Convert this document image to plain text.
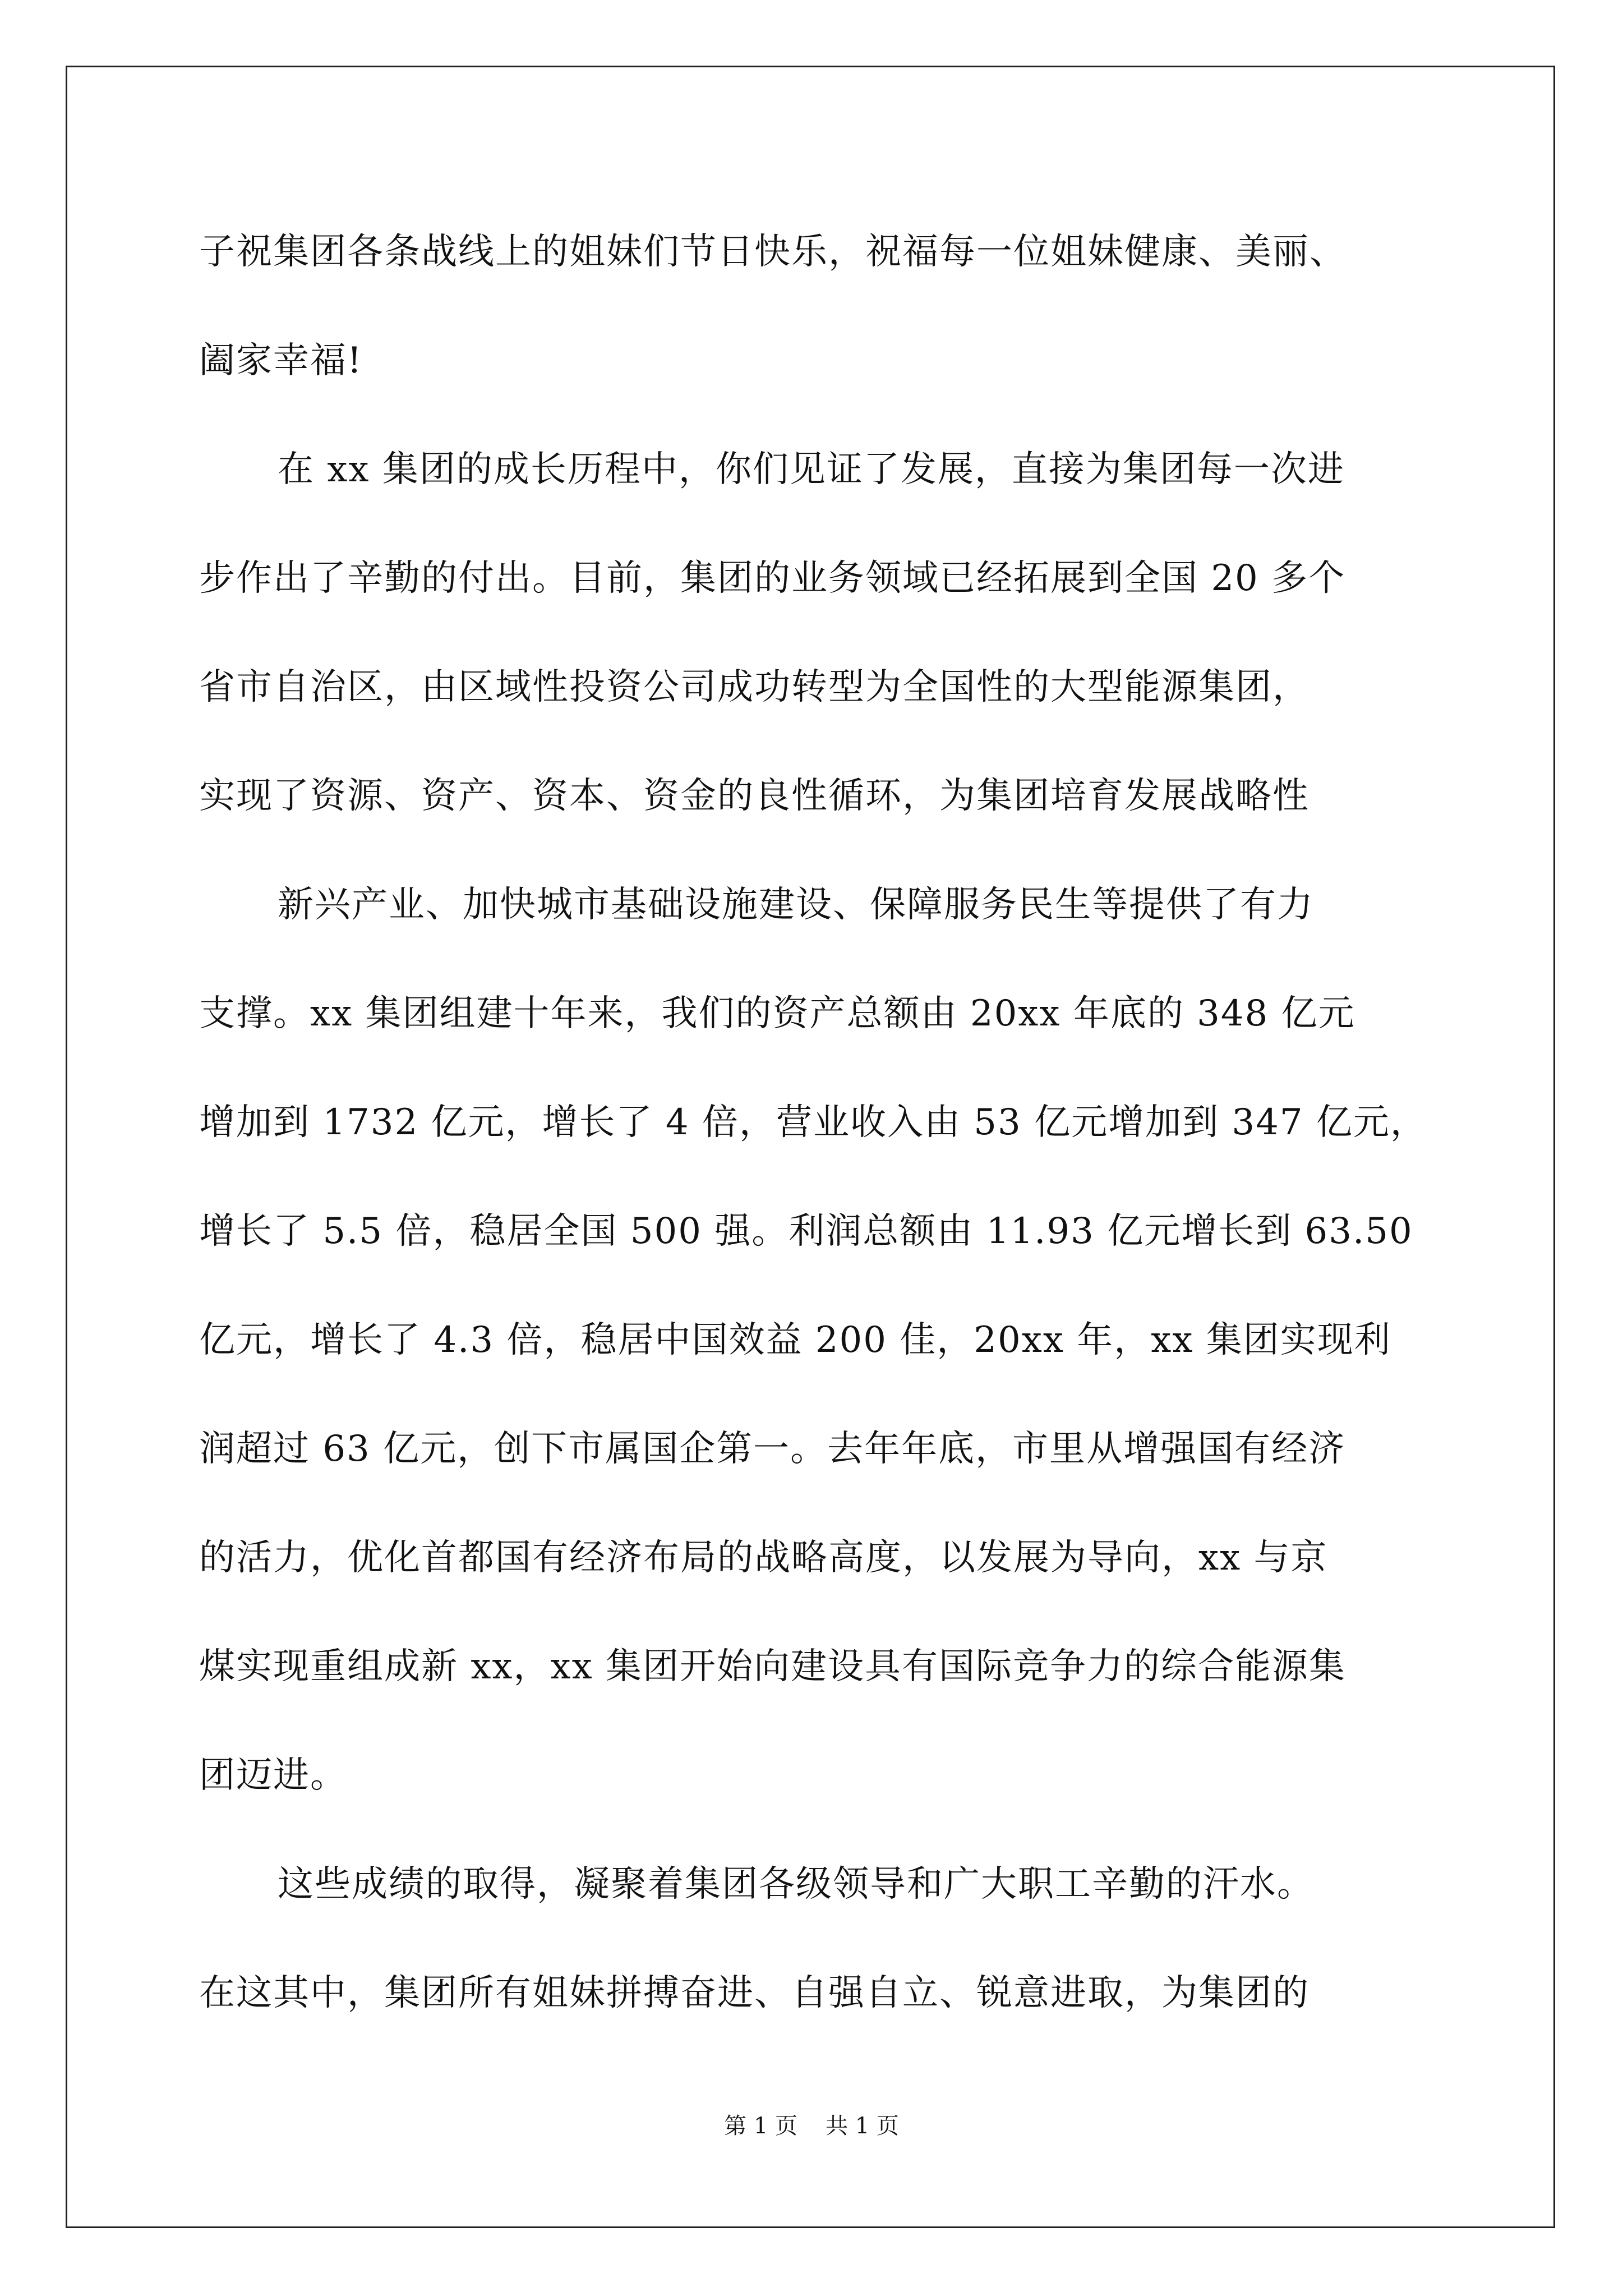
子祝集团各条战线上的姐妹们节日快乐，祝福每一位姐妹健康、美丽、
阖家幸福!
在 xx 集团的成长历程中，你们见证了发展，直接为集团每一次进
步作出了辛勤的付出。目前，集团的业务领域已经拓展到全国 20 多个
省市自治区，由区域性投资公司成功转型为全国性的大型能源集团，
实现了资源、资产、资本、资金的良性循环，为集团培育发展战略性
新兴产业、加快城市基础设施建设、保障服务民生等提供了有力
支撑。xx 集团组建十年来，我们的资产总额由 20xx 年底的 348 亿元
增加到 1732 亿元，增长了 4 倍，营业收入由 53 亿元增加到 347 亿元，
增长了 5.5 倍，稳居全国 500 强。利润总额由 11.93 亿元增长到 63.50
亿元，增长了 4.3 倍，稳居中国效益 200 佳，20xx 年，xx 集团实现利
润超过 63 亿元，创下市属国企第一。去年年底，市里从增强国有经济
的活力，优化首都国有经济布局的战略高度，以发展为导向，xx 与京
煤实现重组成新 xx，xx 集团开始向建设具有国际竞争力的综合能源集
团迈进。
这些成绩的取得，凝聚着集团各级领导和广大职工辛勤的汗水。
在这其中，集团所有姐妹拼搏奋进、自强自立、锐意进取，为集团的
第 1 页 共 1 页
